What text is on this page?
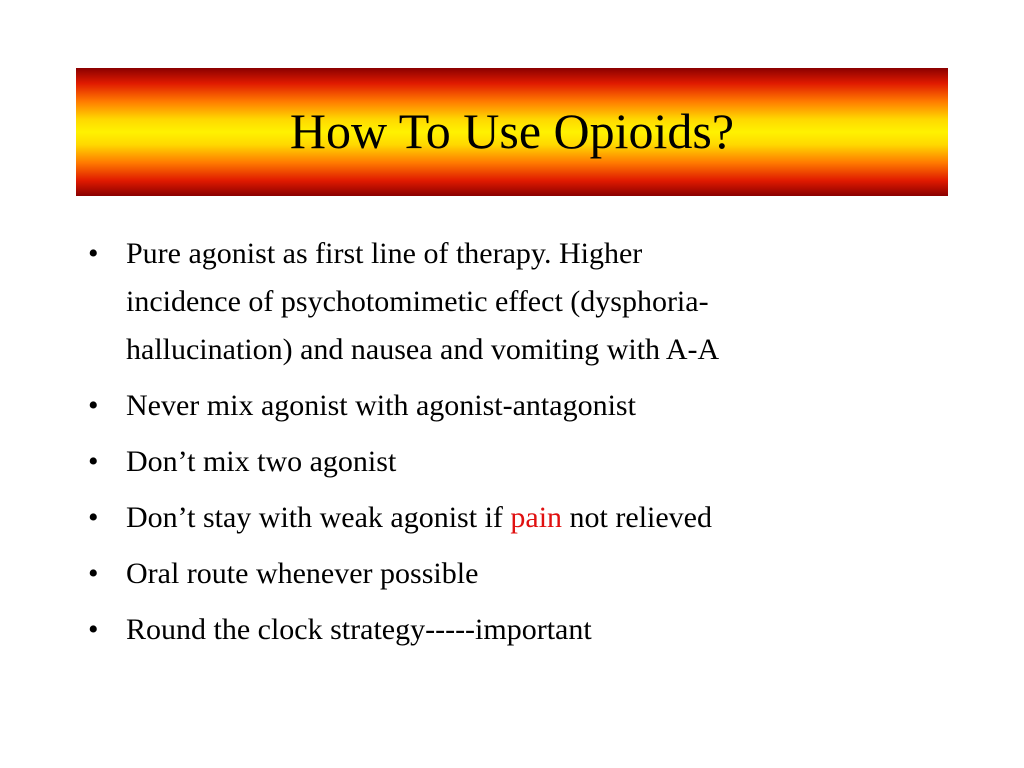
How To Use Opioids?
• Pure agonist as first line of therapy. Higher
incidence of psychotomimetic effect (dysphoria-
hallucination) and nausea and vomiting with A-A
• Never mix agonist with agonist-antagonist
• Don’t mix two agonist
• Don’t stay with weak agonist if pain not relieved
• Oral route whenever possible
• Round the clock strategy-----important
